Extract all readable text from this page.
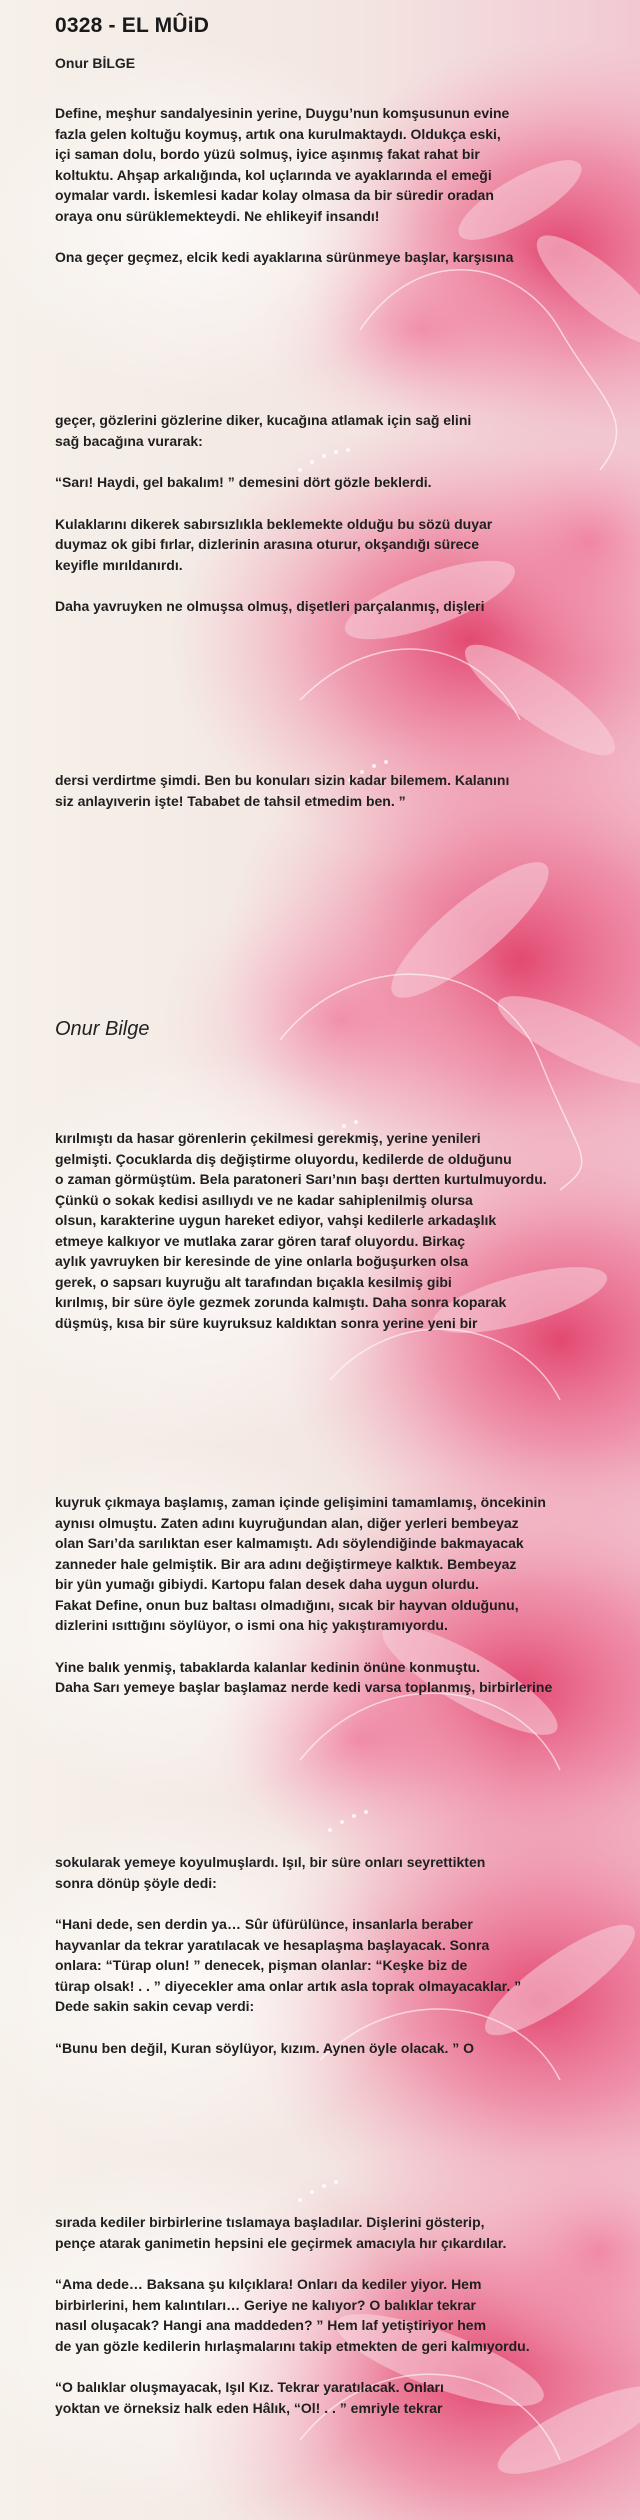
0328 - EL MÛiD

Onur BİLGE

Define, meşhur sandalyesinin yerine, Duygu’nun komşusunun evine
fazla gelen koltuğu koymuş, artık ona kurulmaktaydı. Oldukça eski,
içi saman dolu, bordo yüzü solmuş, iyice aşınmış fakat rahat bir
koltuktu. Ahşap arkalığında, kol uçlarında ve ayaklarında el emeği
oymalar vardı. İskemlesi kadar kolay olmasa da bir süredir oradan
oraya onu sürüklemekteydi. Ne ehlikeyif insandı!

Ona geçer geçmez, elcik kedi ayaklarına sürünmeye başlar, karşısına

geçer, gözlerini gözlerine diker, kucağına atlamak için sağ elini
sağ bacağına vurarak:

“Sarı! Haydi, gel bakalım! ” demesini dört gözle beklerdi.

Kulaklarını dikerek sabırsızlıkla beklemekte olduğu bu sözü duyar
duymaz ok gibi fırlar, dizlerinin arasına oturur, okşandığı sürece
keyifle mırıldanırdı.

Daha yavruyken ne olmuşsa olmuş, dişetleri parçalanmış, dişleri

dersi verdirtme şimdi. Ben bu konuları sizin kadar bilemem. Kalanını
siz anlayıverin işte! Tababet de tahsil etmedim ben. ”

Onur Bilge

kırılmıştı da hasar görenlerin çekilmesi gerekmiş, yerine yenileri
gelmişti. Çocuklarda diş değiştirme oluyordu, kedilerde de olduğunu
o zaman görmüştüm. Bela paratoneri Sarı’nın başı dertten kurtulmuyordu.
Çünkü o sokak kedisi asıllıydı ve ne kadar sahiplenilmiş olursa
olsun, karakterine uygun hareket ediyor, vahşi kedilerle arkadaşlık
etmeye kalkıyor ve mutlaka zarar gören taraf oluyordu. Birkaç
aylık yavruyken bir keresinde de yine onlarla boğuşurken olsa
gerek, o sapsarı kuyruğu alt tarafından bıçakla kesilmiş gibi
kırılmış, bir süre öyle gezmek zorunda kalmıştı. Daha sonra koparak
düşmüş, kısa bir süre kuyruksuz kaldıktan sonra yerine yeni bir

kuyruk çıkmaya başlamış, zaman içinde gelişimini tamamlamış, öncekinin
aynısı olmuştu. Zaten adını kuyruğundan alan, diğer yerleri bembeyaz
olan Sarı’da sarılıktan eser kalmamıştı. Adı söylendiğinde bakmayacak
zanneder hale gelmiştik. Bir ara adını değiştirmeye kalktık. Bembeyaz
bir yün yumağı gibiydi. Kartopu falan desek daha uygun olurdu.
Fakat Define, onun buz baltası olmadığını, sıcak bir hayvan olduğunu,
dizlerini ısıttığını söylüyor, o ismi ona hiç yakıştıramıyordu.

Yine balık yenmiş, tabaklarda kalanlar kedinin önüne konmuştu.
Daha Sarı yemeye başlar başlamaz nerde kedi varsa toplanmış, birbirlerine

sokularak yemeye koyulmuşlardı. Işıl, bir süre onları seyrettikten
sonra dönüp şöyle dedi:

“Hani dede, sen derdin ya… Sûr üfürülünce, insanlarla beraber
hayvanlar da tekrar yaratılacak ve hesaplaşma başlayacak. Sonra
onlara: “Türap olun! ” denecek, pişman olanlar: “Keşke biz de
türap olsak! . . ” diyecekler ama onlar artık asla toprak olmayacaklar. ”
Dede sakin sakin cevap verdi:

“Bunu ben değil, Kuran söylüyor, kızım. Aynen öyle olacak. ” O

sırada kediler birbirlerine tıslamaya başladılar. Dişlerini gösterip,
pençe atarak ganimetin hepsini ele geçirmek amacıyla hır çıkardılar.

“Ama dede… Baksana şu kılçıklara! Onları da kediler yiyor. Hem
birbirlerini, hem kalıntıları… Geriye ne kalıyor? O balıklar tekrar
nasıl oluşacak? Hangi ana maddeden? ” Hem laf yetiştiriyor hem
de yan gözle kedilerin hırlaşmalarını takip etmekten de geri kalmıyordu.

“O balıklar oluşmayacak, Işıl Kız. Tekrar yaratılacak. Onları
yoktan ve örneksiz halk eden Hâlık, “Ol! . . ” emriyle tekrar
